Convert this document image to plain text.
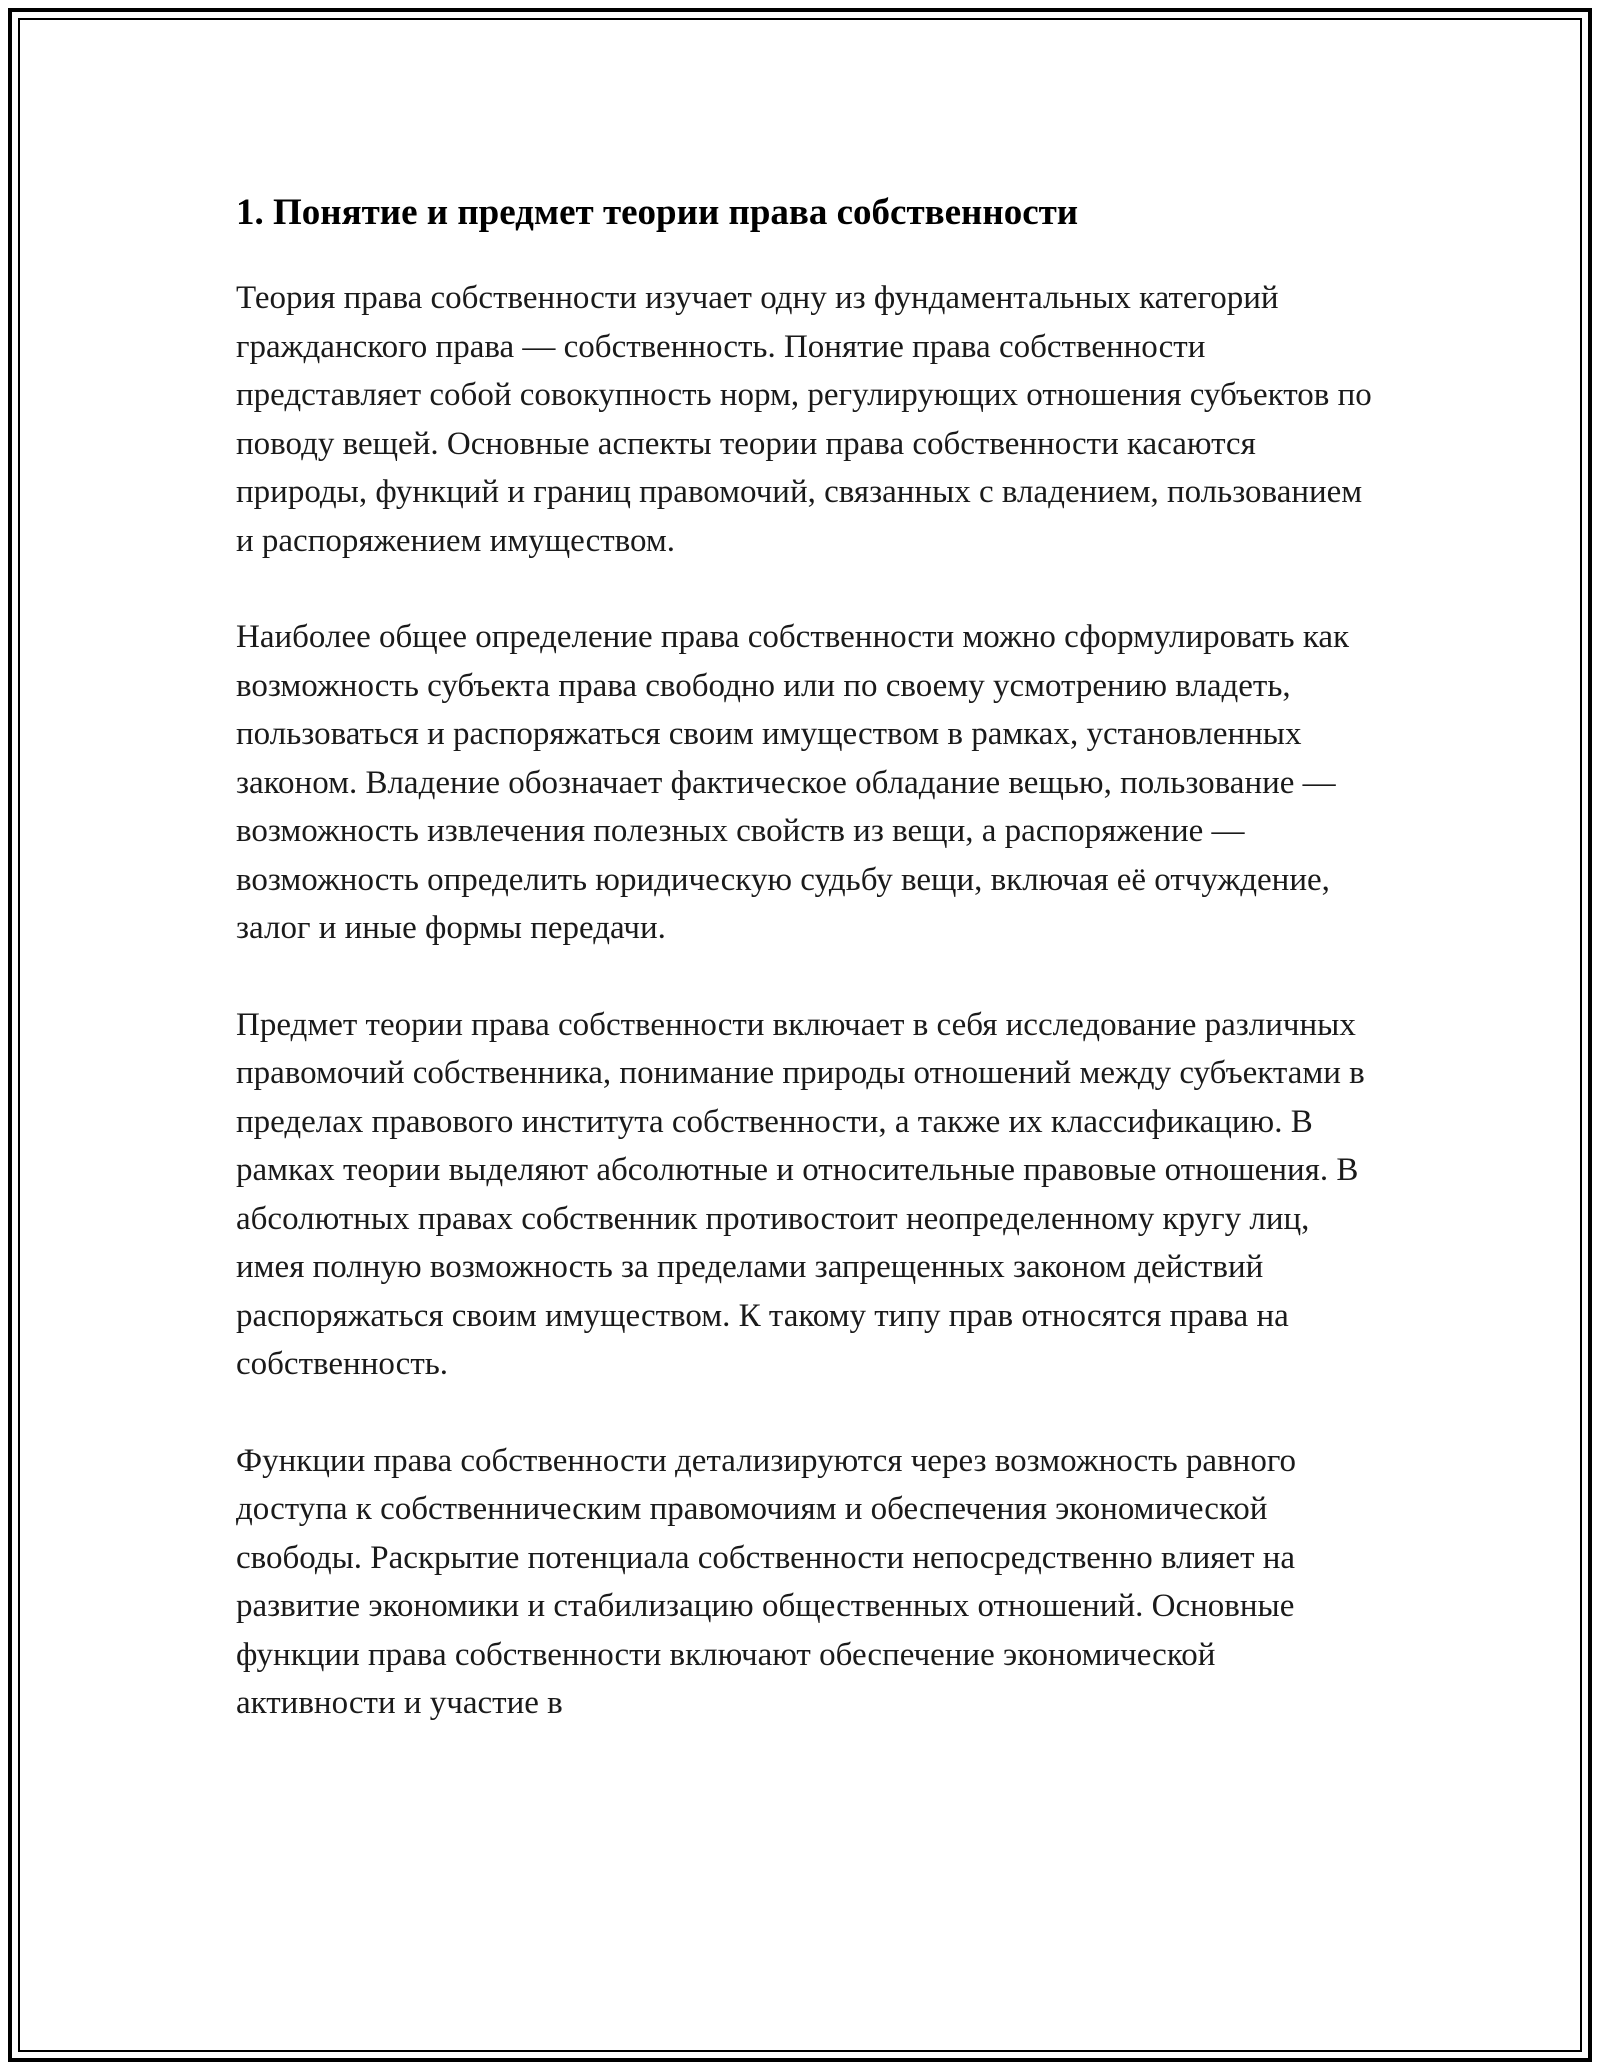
1. Понятие и предмет теории права собственности

Теория права собственности изучает одну из фундаментальных категорий гражданского права — собственность. Понятие права собственности представляет собой совокупность норм, регулирующих отношения субъектов по поводу вещей. Основные аспекты теории права собственности касаются природы, функций и границ правомочий, связанных с владением, пользованием и распоряжением имуществом.

Наиболее общее определение права собственности можно сформулировать как возможность субъекта права свободно или по своему усмотрению владеть, пользоваться и распоряжаться своим имуществом в рамках, установленных законом. Владение обозначает фактическое обладание вещью, пользование — возможность извлечения полезных свойств из вещи, а распоряжение — возможность определить юридическую судьбу вещи, включая её отчуждение, залог и иные формы передачи.

Предмет теории права собственности включает в себя исследование различных правомочий собственника, понимание природы отношений между субъектами в пределах правового института собственности, а также их классификацию. В рамках теории выделяют абсолютные и относительные правовые отношения. В абсолютных правах собственник противостоит неопределенному кругу лиц, имея полную возможность за пределами запрещенных законом действий распоряжаться своим имуществом. К такому типу прав относятся права на собственность.

Функции права собственности детализируются через возможность равного доступа к собственническим правомочиям и обеспечения экономической свободы. Раскрытие потенциала собственности непосредственно влияет на развитие экономики и стабилизацию общественных отношений. Основные функции права собственности включают обеспечение экономической активности и участие в
